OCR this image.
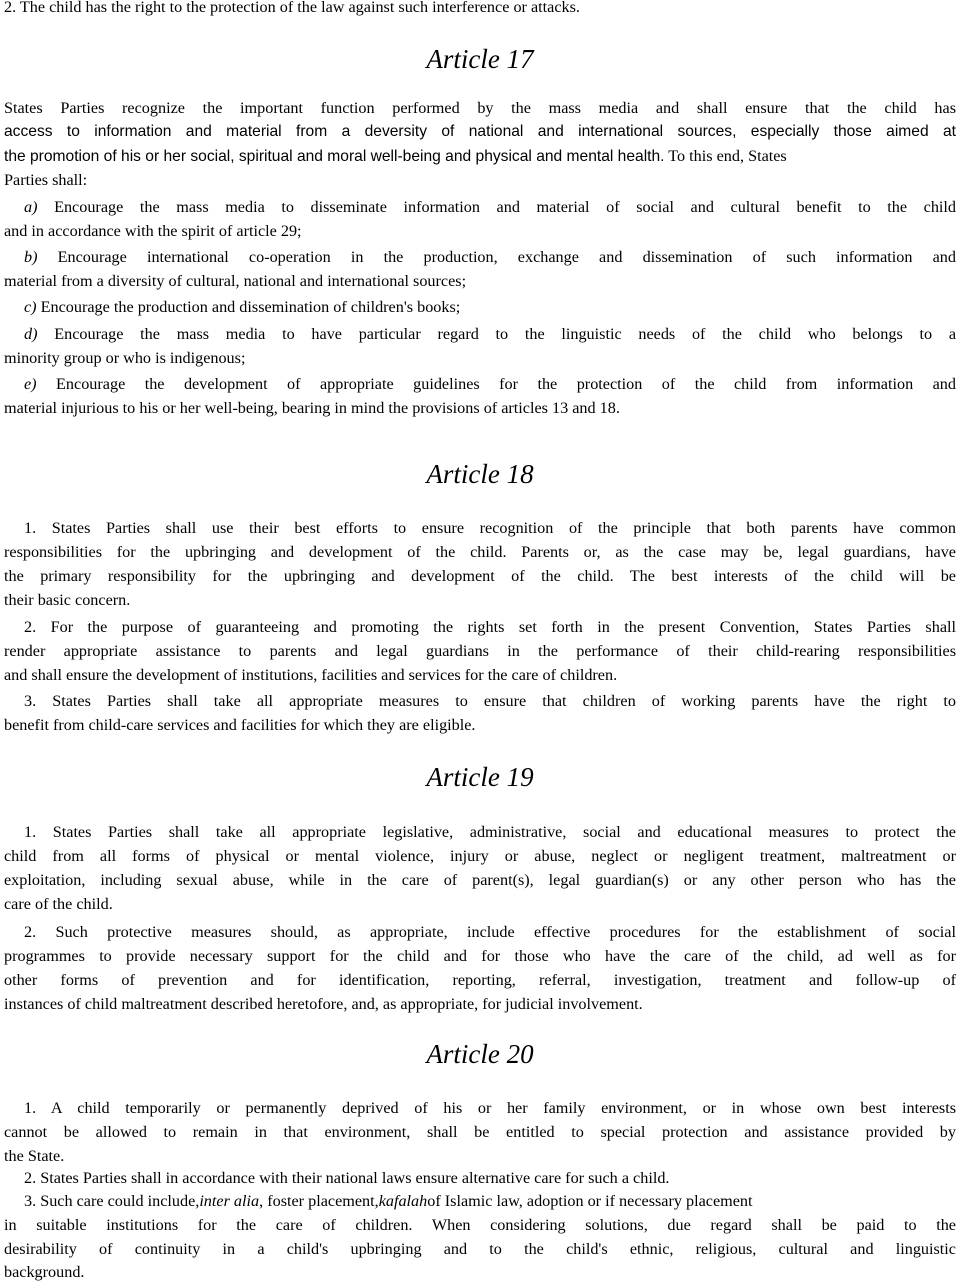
2. The child has the right to the protection of the law against such interference or attacks.
Article 17
States Parties recognize the important function performed by the mass media and shall ensure that the child has
access to information and material from a deversity of national and international sources, especially those aimed at
the promotion of his or her social, spiritual and moral well-being and physical and mental health. To this end, States
Parties shall:
a) Encourage the mass media to disseminate information and material of social and cultural benefit to the child
and in accordance with the spirit of article 29;
b) Encourage international co-operation in the production, exchange and dissemination of such information and
material from a diversity of cultural, national and international sources;
c) Encourage the production and dissemination of children's books;
d) Encourage the mass media to have particular regard to the linguistic needs of the child who belongs to a
minority group or who is indigenous;
e) Encourage the development of appropriate guidelines for the protection of the child from information and
material injurious to his or her well-being, bearing in mind the provisions of articles 13 and 18.
Article 18
1. States Parties shall use their best efforts to ensure recognition of the principle that both parents have common
responsibilities for the upbringing and development of the child. Parents or, as the case may be, legal guardians, have
the primary responsibility for the upbringing and development of the child. The best interests of the child will be
their basic concern.
2. For the purpose of guaranteeing and promoting the rights set forth in the present Convention, States Parties shall
render appropriate assistance to parents and legal guardians in the performance of their child-rearing responsibilities
and shall ensure the development of institutions, facilities and services for the care of children.
3. States Parties shall take all appropriate measures to ensure that children of working parents have the right to
benefit from child-care services and facilities for which they are eligible.
Article 19
1. States Parties shall take all appropriate legislative, administrative, social and educational measures to protect the
child from all forms of physical or mental violence, injury or abuse, neglect or negligent treatment, maltreatment or
exploitation, including sexual abuse, while in the care of parent(s), legal guardian(s) or any other person who has the
care of the child.
2. Such protective measures should, as appropriate, include effective procedures for the establishment of social
programmes to provide necessary support for the child and for those who have the care of the child, ad well as for
other forms of prevention and for identification, reporting, referral, investigation, treatment and follow-up of
instances of child maltreatment described heretofore, and, as appropriate, for judicial involvement.
Article 20
1. A child temporarily or permanently deprived of his or her family environment, or in whose own best interests
cannot be allowed to remain in that environment, shall be entitled to special protection and assistance provided by
the State.
2. States Parties shall in accordance with their national laws ensure alternative care for such a child.
3. Such care could include,inter alia, foster placement,kafalahof Islamic law, adoption or if necessary placement
in suitable institutions for the care of children. When considering solutions, due regard shall be paid to the
desirability of continuity in a child's upbringing and to the child's ethnic, religious, cultural and linguistic
background.
